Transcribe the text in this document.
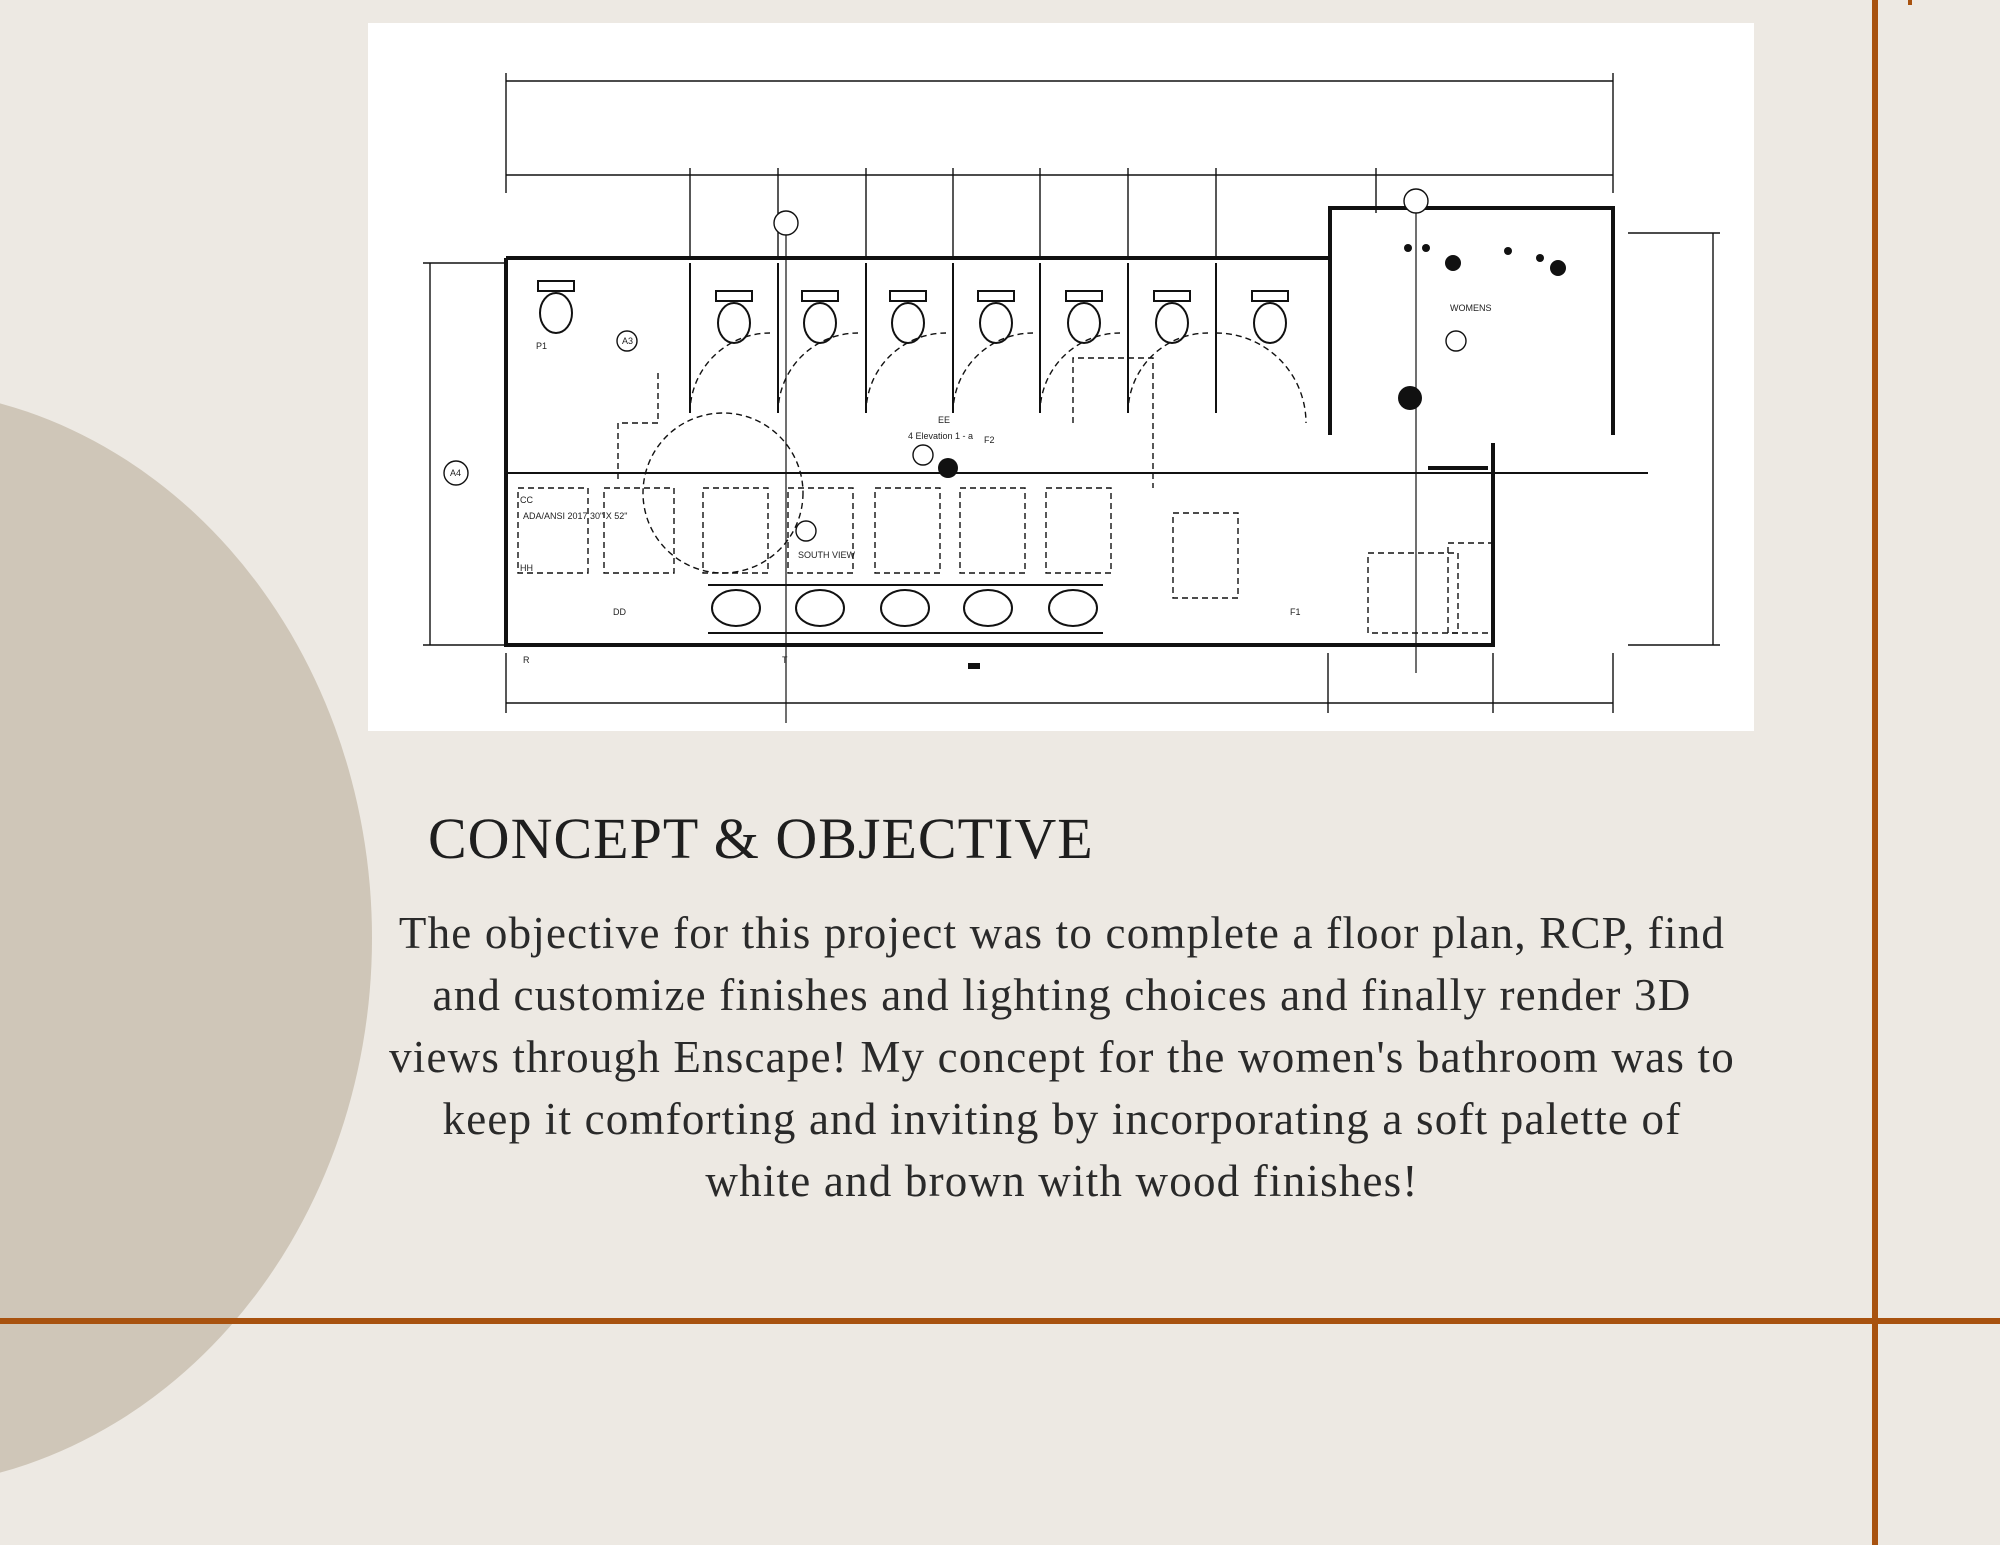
WOMENS
SOUTH VIEW
4 Elevation 1 - a
ADA/ANSI 2017 30" X 52"
A3
A4
F1
F2
P1
HH
DD
CC
EE
R	T
CONCEPT & OBJECTIVE

The objective for this project was to complete a floor plan, RCP, find and customize finishes and lighting choices and finally render 3D views through Enscape! My concept for the women's bathroom was to keep it comforting and inviting by incorporating a soft palette of white and brown with wood finishes!
